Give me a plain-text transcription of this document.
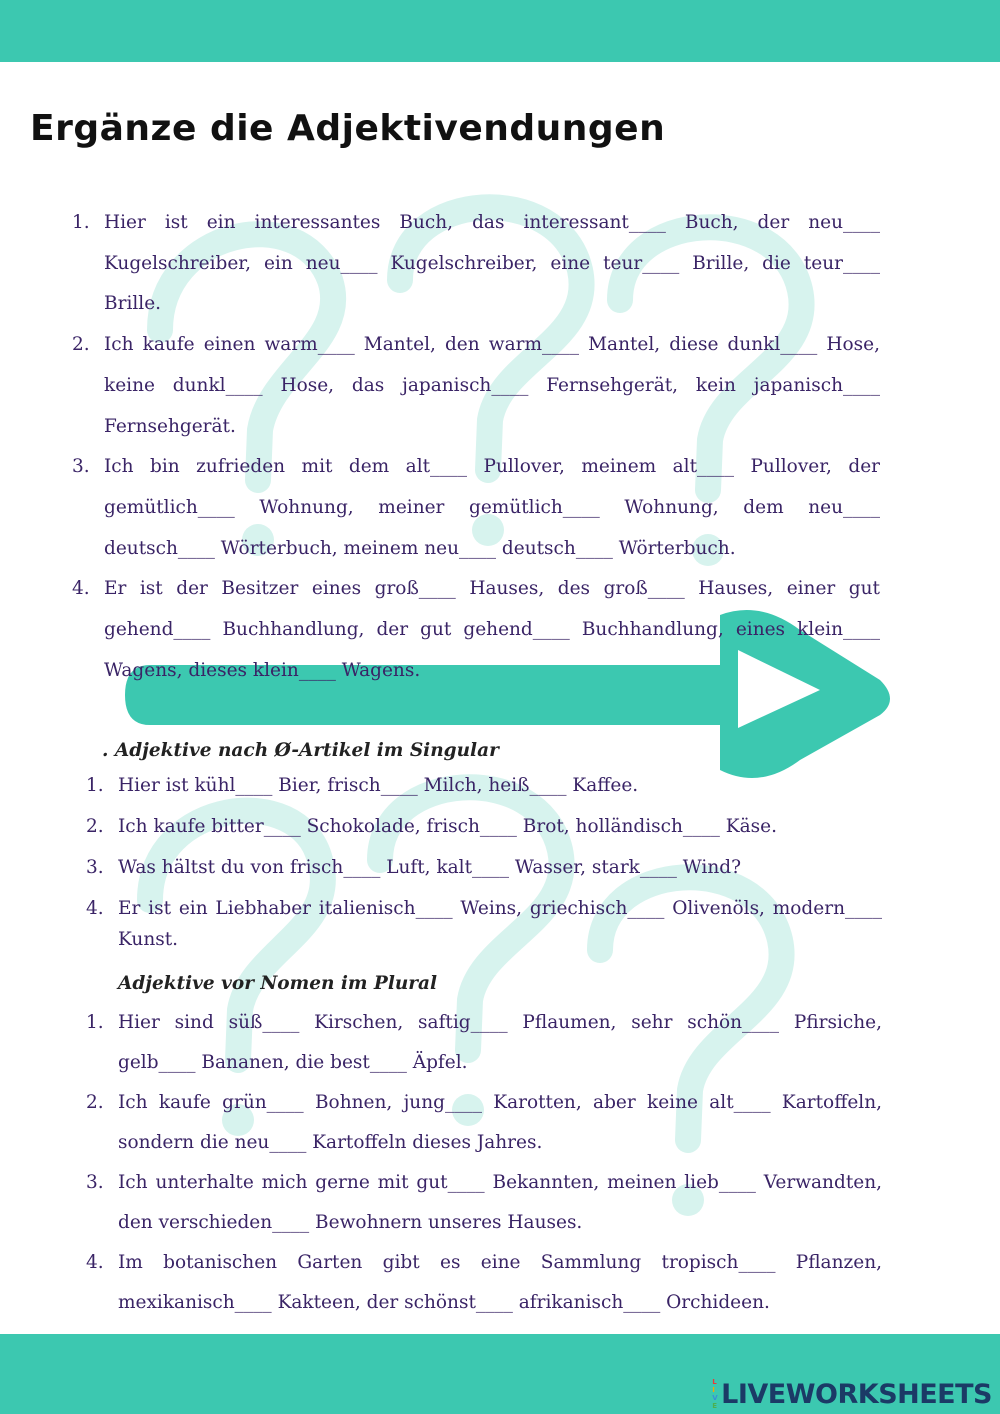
Ergänze die Adjektivendungen
1. Hier ist ein interessantes Buch, das interessant____ Buch, der neu____ Kugelschreiber, ein neu____ Kugelschreiber, eine teur____ Brille, die teur____ Brille.
2. Ich kaufe einen warm____ Mantel, den warm____ Mantel, diese dunkl____ Hose, keine dunkl____ Hose, das japanisch____ Fernsehgerät, kein japanisch____ Fernsehgerät.
3. Ich bin zufrieden mit dem alt____ Pullover, meinem alt____ Pullover, der gemütlich____ Wohnung, meiner gemütlich____ Wohnung, dem neu____ deutsch____ Wörterbuch, meinem neu____ deutsch____ Wörterbuch.
4. Er ist der Besitzer eines groß____ Hauses, des groß____ Hauses, einer gut gehend____ Buchhandlung, der gut gehend____ Buchhandlung, eines klein____ Wagens, dieses klein____ Wagens.
. Adjektive nach Ø-Artikel im Singular
1. Hier ist kühl____ Bier, frisch____ Milch, heiß____ Kaffee.
2. Ich kaufe bitter____ Schokolade, frisch____ Brot, holländisch____ Käse.
3. Was hältst du von frisch____ Luft, kalt____ Wasser, stark____ Wind?
4. Er ist ein Liebhaber italienisch____ Weins, griechisch____ Olivenöls, modern____ Kunst.
Adjektive vor Nomen im Plural
1. Hier sind süß____ Kirschen, saftig____ Pflaumen, sehr schön____ Pfirsiche, gelb____ Bananen, die best____ Äpfel.
2. Ich kaufe grün____ Bohnen, jung____ Karotten, aber keine alt____ Kartoffeln, sondern die neu____ Kartoffeln dieses Jahres.
3. Ich unterhalte mich gerne mit gut____ Bekannten, meinen lieb____ Verwandten, den verschieden____ Bewohnern unseres Hauses.
4. Im botanischen Garten gibt es eine Sammlung tropisch____ Pflanzen, mexikanisch____ Kakteen, der schönst____ afrikanisch____ Orchideen.
L
I
V
E LIVEWORKSHEETS
